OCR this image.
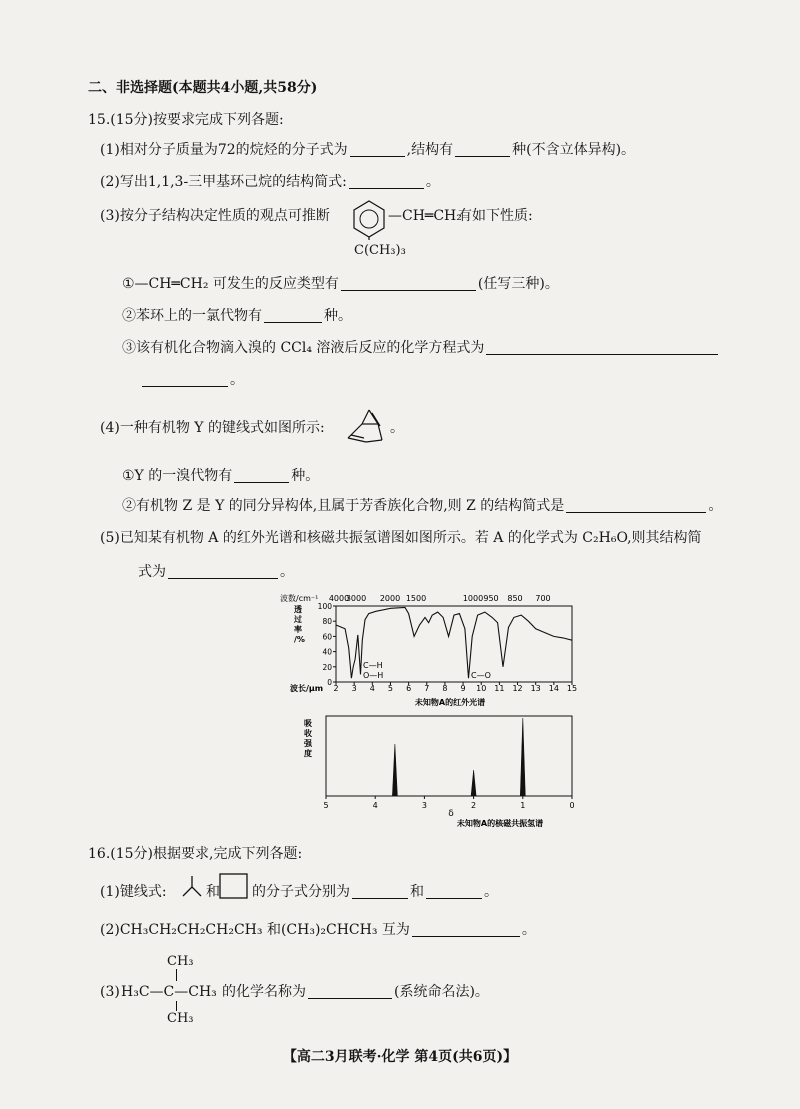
二、非选择题(本题共4小题,共58分)
15.(15分)按要求完成下列各题:
(1)相对分子质量为72的烷烃的分子式为	,结构有	种(不含立体异构)。
(2)写出1,1,3-三甲基环己烷的结构简式:	。
(3)按分子结构决定性质的观点可推断	—CH═CH₂
有如下性质:
C(CH₃)₃
①—CH═CH₂ 可发生的反应类型有	(任写三种)。
②苯环上的一氯代物有	种。
③该有机化合物滴入溴的 CCl₄ 溶液后反应的化学方程式为
。
(4)一种有机物 Y 的键线式如图所示:	。
①Y 的一溴代物有	种。
②有机物 Z 是 Y 的同分异构体,且属于芳香族化合物,则 Z 的结构简式是	。
(5)已知某有机物 A 的红外光谱和核磁共振氢谱图如图所示。若 A 的化学式为 C₂H₆O,则其结构简
式为	。
波数/cm⁻¹ 4000
3000 2000 1500	1000 950 850 700
透
过
率
/%
100
80
60
40
20
0
2 3 4 5 6 7 8 9 10 11 12 13 14 15
波长/μm
C—H
O—H	C—O
未知物A的红外光谱
吸
收
强
度
5	4	3	2	1	0
δ
未知物A的核磁共振氢谱
16.(15分)根据要求,完成下列各题:
(1)键线式:	和 的分子式分别为	和	。
(2)CH₃CH₂CH₂CH₂CH₃ 和(CH₃)₂CHCH₃ 互为	。
CH₃
(3) H₃C—C—CH₃
CH₃
的化学名称为	(系统命名法)。
【高二3月联考·化学 第4页(共6页)】
